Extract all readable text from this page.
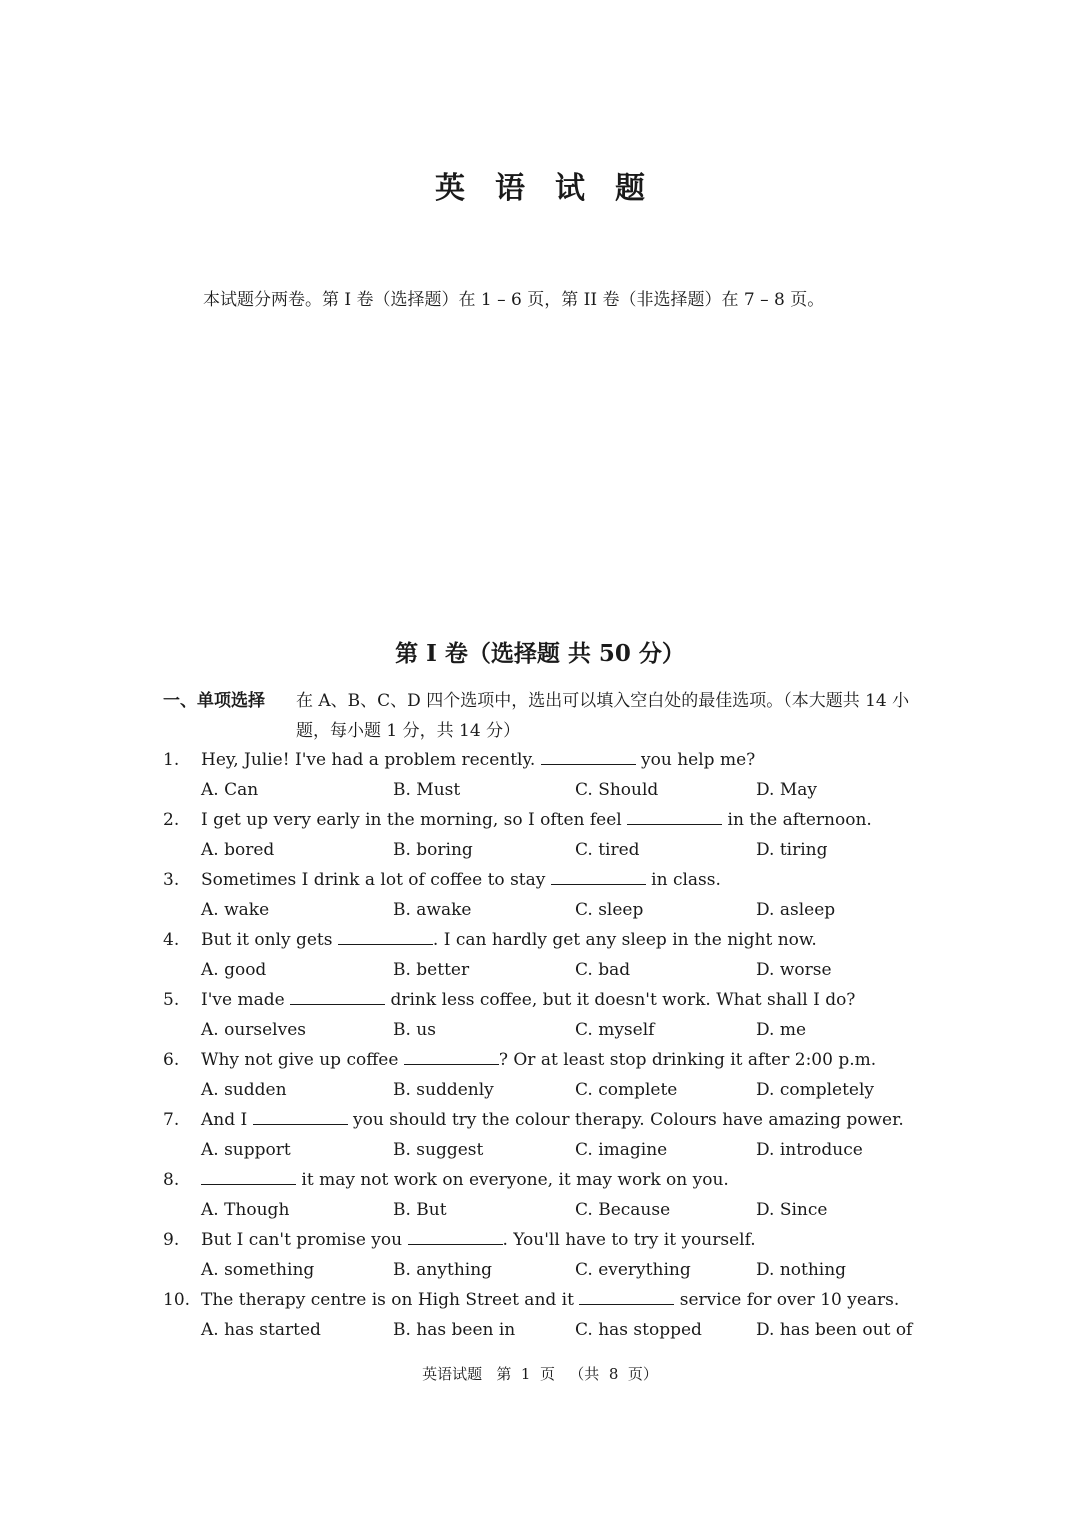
英语试题
本试题分两卷。第 I 卷（选择题）在 1 – 6 页，第 II 卷（非选择题）在 7 – 8 页。
第 I 卷（选择题 共 50 分）
一、单项选择 在 A、B、C、D 四个选项中，选出可以填入空白处的最佳选项。（本大题共 14 小题，每小题 1 分，共 14 分）
1. Hey, Julie! I've had a problem recently.	you help me?
A. Can	B. Must	C. Should	D. May
2. I get up very early in the morning, so I often feel	in the afternoon.
A. bored	B. boring	C. tired	D. tiring
3. Sometimes I drink a lot of coffee to stay	in class.
A. wake	B. awake	C. sleep	D. asleep
4. But it only gets	. I can hardly get any sleep in the night now.
A. good	B. better	C. bad	D. worse
5. I've made	drink less coffee, but it doesn't work. What shall I do?
A. ourselves	B. us	C. myself	D. me
6. Why not give up coffee	? Or at least stop drinking it after 2:00 p.m.
A. sudden	B. suddenly	C. complete	D. completely
7. And I	you should try the colour therapy. Colours have amazing power.
A. support	B. suggest	C. imagine	D. introduce
8.	it may not work on everyone, it may work on you.
A. Though	B. But	C. Because	D. Since
9. But I can't promise you	. You'll have to try it yourself.
A. something	B. anything	C. everything	D. nothing
10. The therapy centre is on High Street and it	service for over 10 years.
A. has started	B. has been in	C. has stopped	D. has been out of
英语试题   第  1  页   （共  8  页）
